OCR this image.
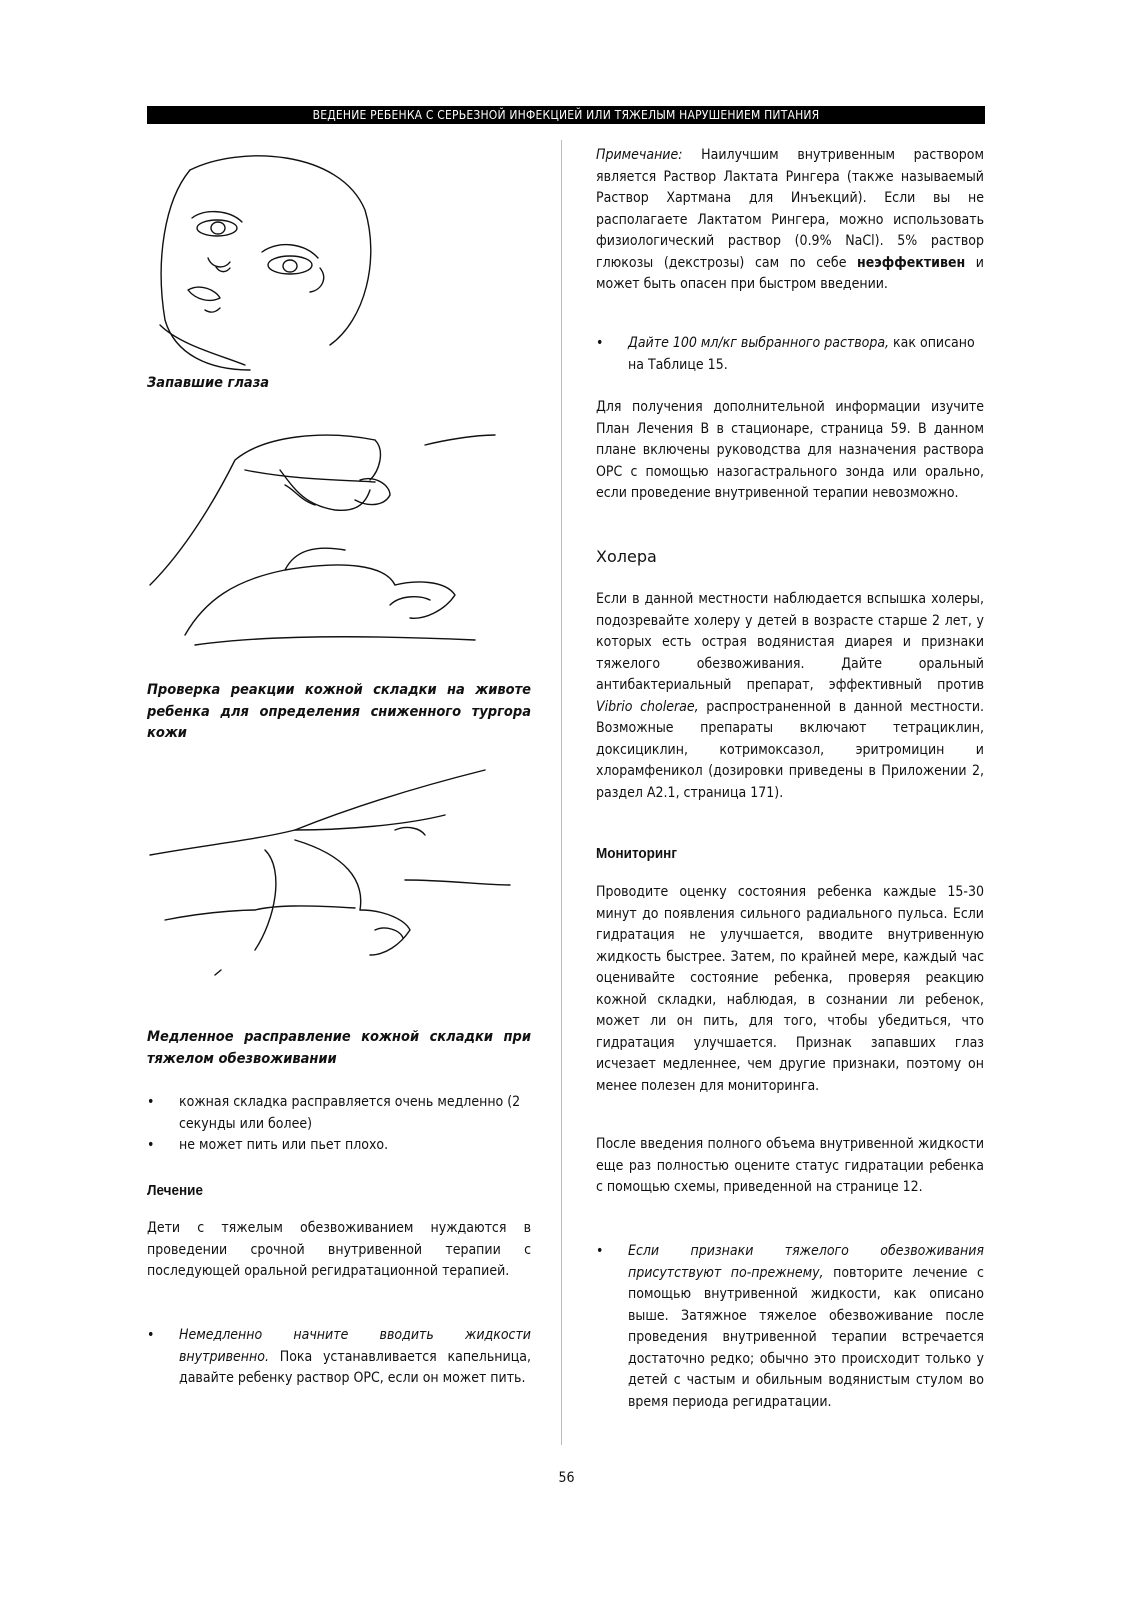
ВЕДЕНИЕ РЕБЕНКА С СЕРЬЕЗНОЙ ИНФЕКЦИЕЙ ИЛИ ТЯЖЕЛЫМ НАРУШЕНИЕМ ПИТАНИЯ
Запавшие глаза
Проверка реакции кожной складки на животе ребенка для определения сниженного тургора кожи
Медленное расправление кожной складки при тяжелом обезвоживании
• кожная складка расправляется очень медленно (2 секунды или более)
• не может пить или пьет плохо.
Лечение

Дети с тяжелым обезвоживанием нуждаются в проведении срочной внутривенной терапии с последующей оральной регидратационной терапией.

• Немедленно начните вводить жидкости внутривенно. Пока устанавливается капельница, давайте ребенку раствор ОРС, если он может пить.

Примечание: Наилучшим внутривенным раствором является Раствор Лактата Рингера (также называемый Раствор Хартмана для Инъекций). Если вы не располагаете Лактатом Рингера, можно использовать физиологический раствор (0.9% NaCl). 5% раствор глюкозы (декстрозы) сам по себе неэффективен и может быть опасен при быстром введении.

• Дайте 100 мл/кг выбранного раствора, как описано на Таблице 15.

Для получения дополнительной информации изучите План Лечения В в стационаре, страница 59. В данном плане включены руководства для назначения раствора ОРС с помощью назогастрального зонда или орально, если проведение внутривенной терапии невозможно.

Холера

Если в данной местности наблюдается вспышка холеры, подозревайте холеру у детей в возрасте старше 2 лет, у которых есть острая водянистая диарея и признаки тяжелого обезвоживания. Дайте оральный антибактериальный препарат, эффективный против Vibrio cholerae, распространенной в данной местности. Возможные препараты включают тетрациклин, доксициклин, котримоксазол, эритромицин и хлорамфеникол (дозировки приведены в Приложении 2, раздел А2.1, страница 171).

Мониторинг

Проводите оценку состояния ребенка каждые 15-30 минут до появления сильного радиального пульса. Если гидратация не улучшается, вводите внутривенную жидкость быстрее. Затем, по крайней мере, каждый час оценивайте состояние ребенка, проверяя реакцию кожной складки, наблюдая, в сознании ли ребенок, может ли он пить, для того, чтобы убедиться, что гидратация улучшается. Признак запавших глаз исчезает медленнее, чем другие признаки, поэтому он менее полезен для мониторинга.

После введения полного объема внутривенной жидкости еще раз полностью оцените статус гидратации ребенка с помощью схемы, приведенной на странице 12.

• Если признаки тяжелого обезвоживания присутствуют по-прежнему, повторите лечение с помощью внутривенной жидкости, как описано выше. Затяжное тяжелое обезвоживание после проведения внутривенной терапии встречается достаточно редко; обычно это происходит только у детей с частым и обильным водянистым стулом во время периода регидратации.

56
